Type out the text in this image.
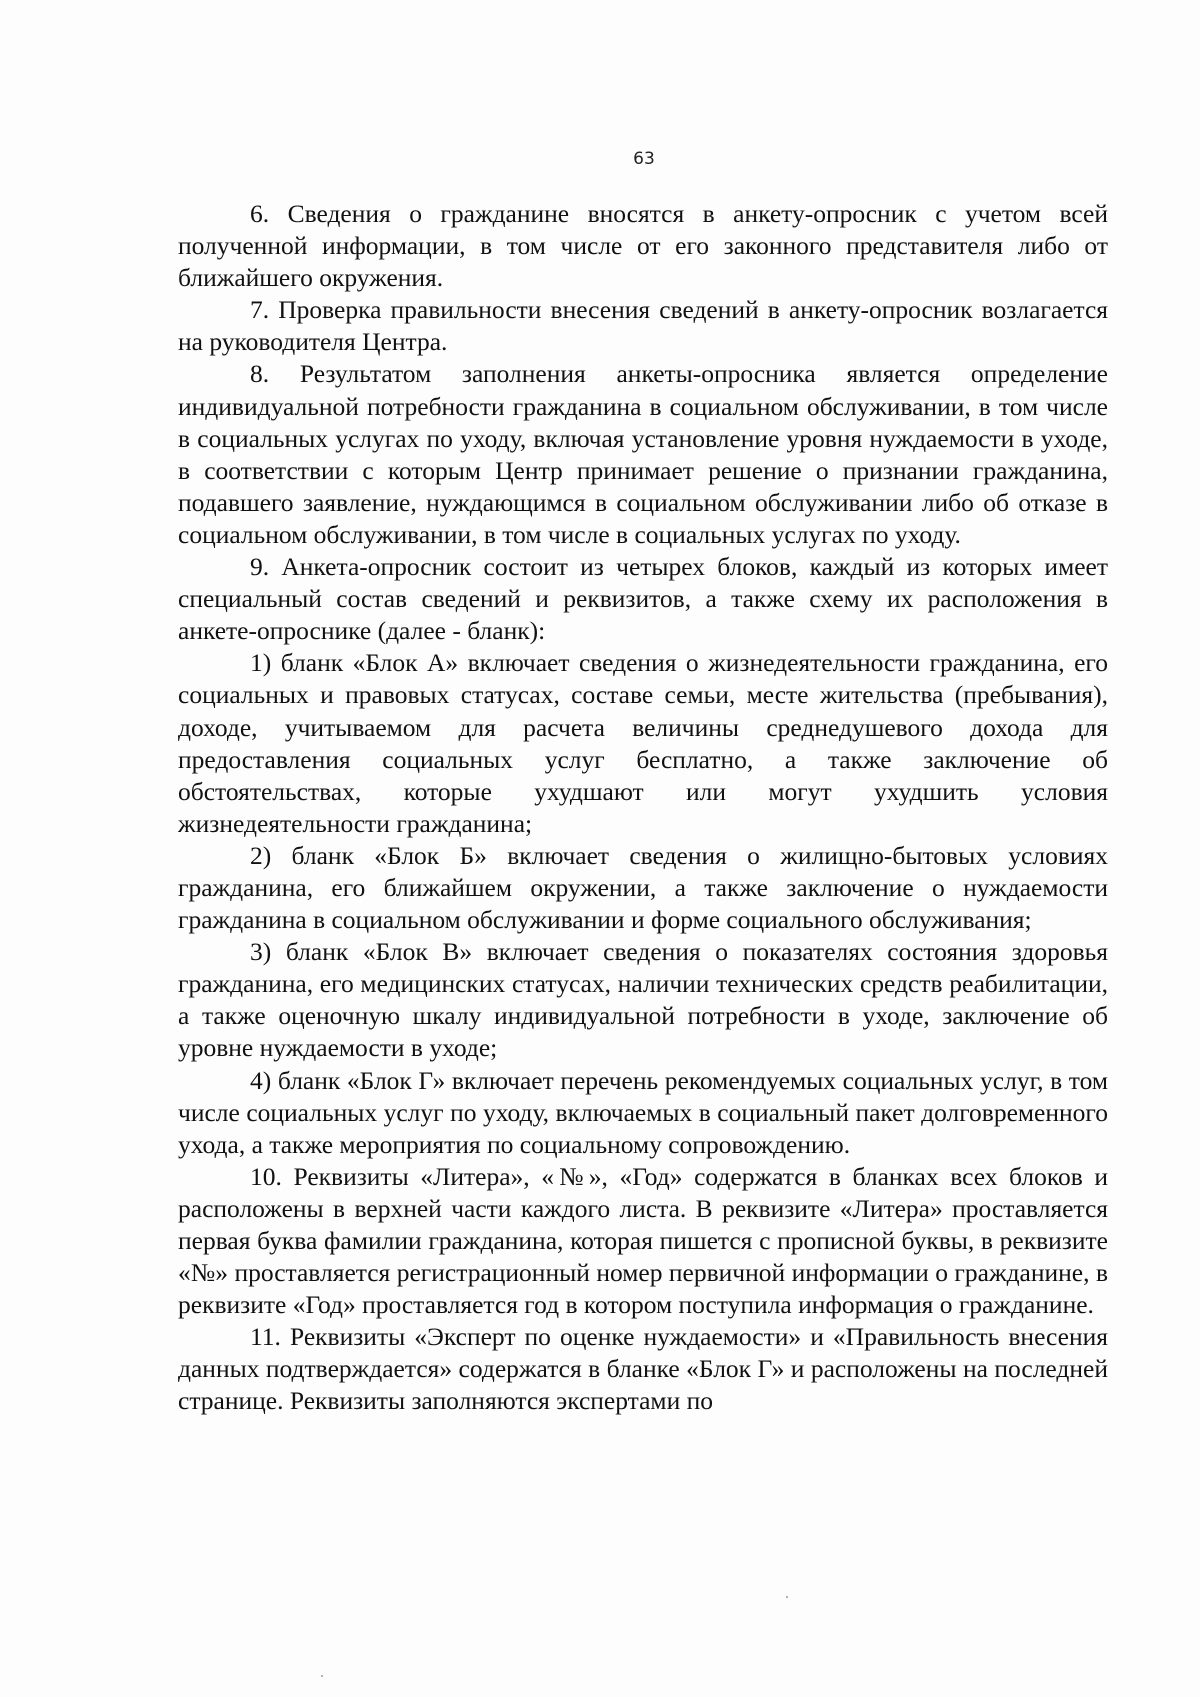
63

6. Сведения о гражданине вносятся в анкету-опросник с учетом всей полученной информации, в том числе от его законного представителя либо от ближайшего окружения.

7. Проверка правильности внесения сведений в анкету-опросник возлагается на руководителя Центра.

8. Результатом заполнения анкеты-опросника является определение индивидуальной потребности гражданина в социальном обслуживании, в том числе в социальных услугах по уходу, включая установление уровня нуждаемости в уходе, в соответствии с которым Центр принимает решение о признании гражданина, подавшего заявление, нуждающимся в социальном обслуживании либо об отказе в социальном обслуживании, в том числе в социальных услугах по уходу.

9. Анкета-опросник состоит из четырех блоков, каждый из которых имеет специальный состав сведений и реквизитов, а также схему их расположения в анкете-опроснике (далее - бланк):

1) бланк «Блок А» включает сведения о жизнедеятельности гражданина, его социальных и правовых статусах, составе семьи, месте жительства (пребывания), доходе, учитываемом для расчета величины среднедушевого дохода для предоставления социальных услуг бесплатно, а также заключение об обстоятельствах, которые ухудшают или могут ухудшить условия жизнедеятельности гражданина;

2) бланк «Блок Б» включает сведения о жилищно-бытовых условиях гражданина, его ближайшем окружении, а также заключение о нуждаемости гражданина в социальном обслуживании и форме социального обслуживания;

3) бланк «Блок В» включает сведения о показателях состояния здоровья гражданина, его медицинских статусах, наличии технических средств реабилитации, а также оценочную шкалу индивидуальной потребности в уходе, заключение об уровне нуждаемости в уходе;

4) бланк «Блок Г» включает перечень рекомендуемых социальных услуг, в том числе социальных услуг по уходу, включаемых в социальный пакет долговременного ухода, а также мероприятия по социальному сопровождению.

10. Реквизиты «Литера», «№», «Год» содержатся в бланках всех блоков и расположены в верхней части каждого листа. В реквизите «Литера» проставляется первая буква фамилии гражданина, которая пишется с прописной буквы, в реквизите «№» проставляется регистрационный номер первичной информации о гражданине, в реквизите «Год» проставляется год в котором поступила информация о гражданине.

11. Реквизиты «Эксперт по оценке нуждаемости» и «Правильность внесения данных подтверждается» содержатся в бланке «Блок Г» и расположены на последней странице. Реквизиты заполняются экспертами по
